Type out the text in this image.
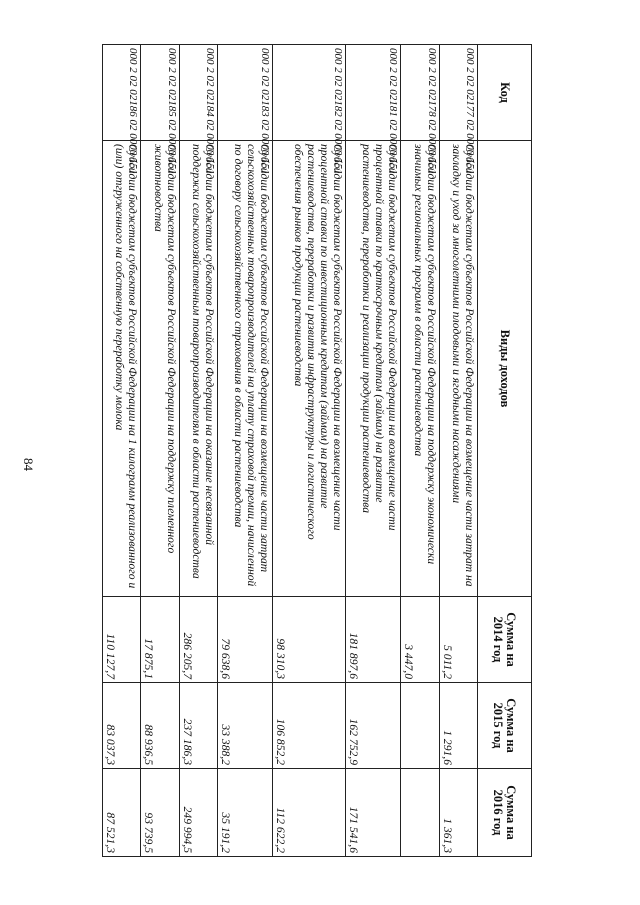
84
Код	Виды доходов	Сумма на 2014 год	Сумма на 2015 год	Сумма на 2016 год
000 2 02 02177 02 0000 151	Субсидии бюджетам субъектов Российской Федерации на возмещение части затрат на закладку и уход за многолетними плодовыми и ягодными насаждениями	5 011,2	1 291,6	1 361,3
000 2 02 02178 02 0000 151	Субсидии бюджетам субъектов Российской Федерации на поддержку экономически значимых региональных программ в области растениеводства	3 447,0		
000 2 02 02181 02 0000 151	Субсидии бюджетам субъектов Российской Федерации на возмещение части процентной ставки по краткосрочным кредитам (займам) на развитие растениеводства, переработки и реализации продукции растениеводства	181 897,6	162 752,9	171 541,6
000 2 02 02182 02 0000 151	Субсидии бюджетам субъектов Российской Федерации на возмещение части процентной ставки по инвестиционным кредитам (займам) на развитие растениеводства, переработки и развития инфраструктуры и логистического обеспечения рынков продукции растениеводства	98 310,3	106 852,2	112 622,2
000 2 02 02183 02 0000 151	Субсидии бюджетам субъектов Российской Федерации на возмещение части затрат сельскохозяйственных товаропроизводителей на уплату страховой премии, начисленной по договору сельскохозяйственного страхования в области растениеводства	79 638,6	33 388,2	35 191,2
000 2 02 02184 02 0000 151	Субсидии бюджетам субъектов Российской Федерации на оказание несвязанной поддержки сельскохозяйственным товаропроизводителям в области растениеводства	286 205,7	237 186,3	249 994,5
000 2 02 02185 02 0000 151	Субсидии бюджетам субъектов Российской Федерации на поддержку племенного животноводства	17 875,1	88 936,5	93 739,5
000 2 02 02186 02 0000 151	Субсидии бюджетам субъектов Российской Федерации на 1 килограмм реализованного и (или) отгруженного на собственную переработку молока	110 127,7	83 037,3	87 521,3
